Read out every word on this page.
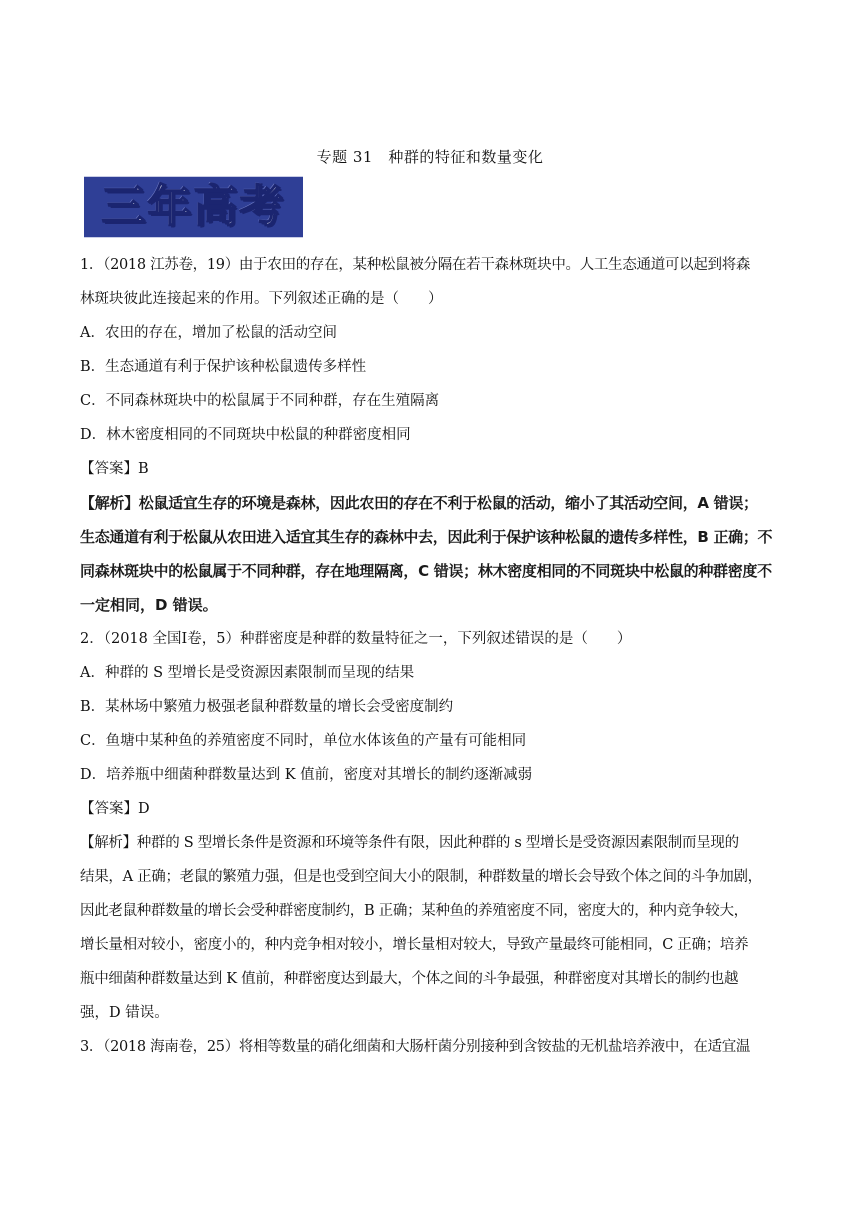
专题 31　种群的特征和数量变化
三年高考
1．（2018 江苏卷，19）由于农田的存在，某种松鼠被分隔在若干森林斑块中。人工生态通道可以起到将森
林斑块彼此连接起来的作用。下列叙述正确的是（　　）
A．农田的存在，增加了松鼠的活动空间
B．生态通道有利于保护该种松鼠遗传多样性
C．不同森林斑块中的松鼠属于不同种群，存在生殖隔离
D．林木密度相同的不同斑块中松鼠的种群密度相同
【答案】B
【解析】松鼠适宜生存的环境是森林，因此农田的存在不利于松鼠的活动，缩小了其活动空间，A 错误；
生态通道有利于松鼠从农田进入适宜其生存的森林中去，因此利于保护该种松鼠的遗传多样性，B 正确；不
同森林斑块中的松鼠属于不同种群，存在地理隔离，C 错误；林木密度相同的不同斑块中松鼠的种群密度不
一定相同，D 错误。
2．（2018 全国Ⅰ卷，5）种群密度是种群的数量特征之一，下列叙述错误的是（　　）
A．种群的 S 型增长是受资源因素限制而呈现的结果
B．某林场中繁殖力极强老鼠种群数量的增长会受密度制约
C．鱼塘中某种鱼的养殖密度不同时，单位水体该鱼的产量有可能相同
D．培养瓶中细菌种群数量达到 K 值前，密度对其增长的制约逐渐减弱
【答案】D
【解析】种群的 S 型增长条件是资源和环境等条件有限，因此种群的 s 型增长是受资源因素限制而呈现的
结果，A 正确；老鼠的繁殖力强，但是也受到空间大小的限制，种群数量的增长会导致个体之间的斗争加剧，
因此老鼠种群数量的增长会受种群密度制约，B 正确；某种鱼的养殖密度不同，密度大的，种内竞争较大，
增长量相对较小，密度小的，种内竞争相对较小，增长量相对较大，导致产量最终可能相同，C 正确；培养
瓶中细菌种群数量达到 K 值前，种群密度达到最大，个体之间的斗争最强，种群密度对其增长的制约也越
强，D 错误。
3．（2018 海南卷，25）将相等数量的硝化细菌和大肠杆菌分别接种到含铵盐的无机盐培养液中，在适宜温
